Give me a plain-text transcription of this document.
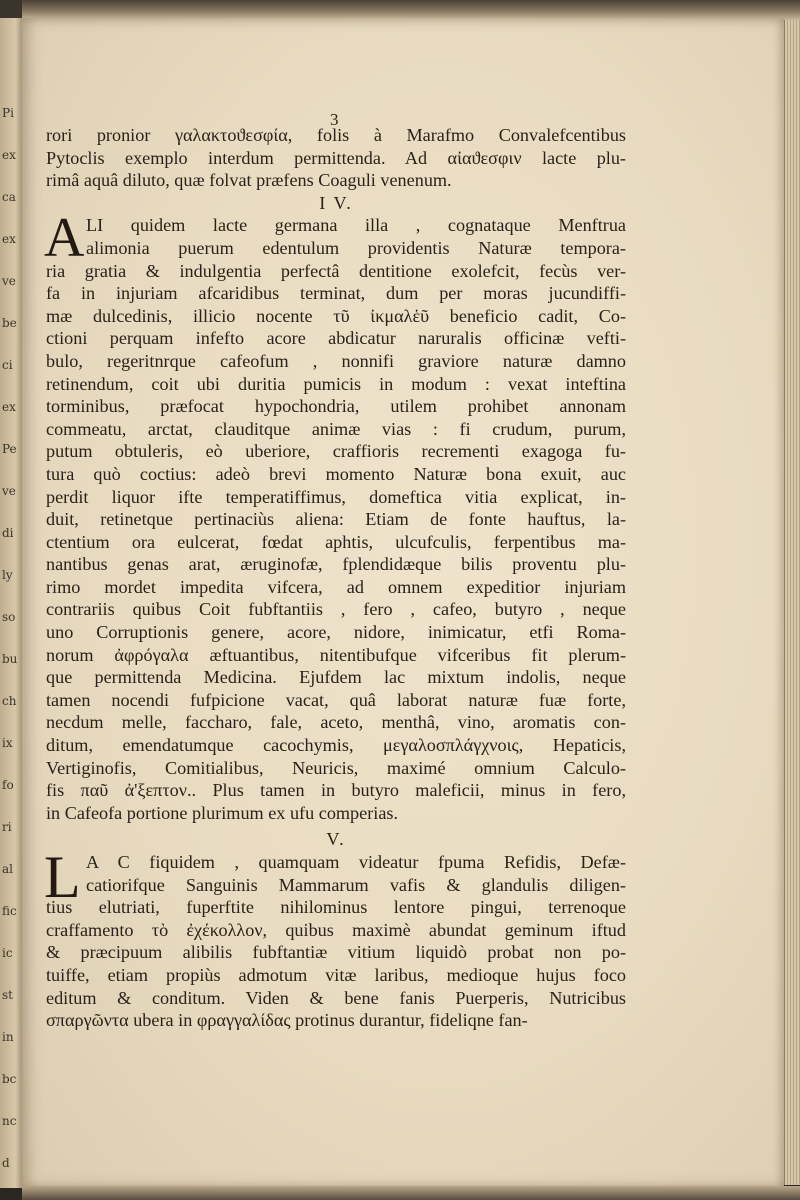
Pi
ex
ca
ex
ve
be
ci
ex
Pe
ve
di
ly
so
bu
ch
ix
fo
ri
al
fic
ic
st
in
bc
nc
d
3
rori pronior γαλακτοϑεσφία, folis à Marafmo Convalefcentibus
Pytoclis exemplo interdum permittenda. Ad αἰαϑεσφιν lacte plu-
rimâ aquâ diluto, quæ folvat præfens Coaguli venenum.
I V.
A LI quidem lacte germana illa , cognataque Menftrua
alimonia puerum edentulum providentis Naturæ tempora-
ria gratia & indulgentia perfectâ dentitione exolefcit, fecùs ver-
fa in injuriam afcaridibus terminat, dum per moras jucundiffi-
mæ dulcedinis, illicio nocente τῦ ἰκμαλἑῦ beneficio cadit, Co-
ctioni perquam infefto acore abdicatur naruralis officinæ vefti-
bulo, regeritnrque cafeofum , nonnifi graviore naturæ damno
retinendum, coit ubi duritia pumicis in modum : vexat inteftina
torminibus, præfocat hypochondria, utilem prohibet annonam
commeatu, arctat, clauditque animæ vias : fi crudum, purum,
putum obtuleris, eò uberiore, craffioris recrementi exagoga fu-
tura quò coctius: adeò brevi momento Naturæ bona exuit, auc
perdit liquor ifte temperatiffimus, domeftica vitia explicat, in-
duit, retinetque pertinaciùs aliena: Etiam de fonte hauftus, la-
ctentium ora eulcerat, fœdat aphtis, ulcufculis, ferpentibus ma-
nantibus genas arat, æruginofæ, fplendidæque bilis proventu plu-
rimo mordet impedita vifcera, ad omnem expeditior injuriam
contrariis quibus Coit fubftantiis , fero , cafeo, butyro , neque
uno Corruptionis genere, acore, nidore, inimicatur, etfi Roma-
norum ἀφρόγαλα æftuantibus, nitentibufque vifceribus fit plerum-
que permittenda Medicina. Ejufdem lac mixtum indolis, neque
tamen nocendi fufpicione vacat, quâ laborat naturæ fuæ forte,
necdum melle, faccharo, fale, aceto, menthâ, vino, aromatis con-
ditum, emendatumque cacochymis, μεγαλοσπλάγχνοις, Hepaticis,
Vertiginofis, Comitialibus, Neuricis, maximé omnium Calculo-
fis παῦ ἀ'ξεπτον.. Plus tamen in butyro maleficii, minus in fero,
in Cafeofa portione plurimum ex ufu comperias.
V.
L A C fiquidem , quamquam videatur fpuma Refidis, Defæ-
catiorifque Sanguinis Mammarum vafis & glandulis diligen-
tius elutriati, fuperftite nihilominus lentore pingui, terrenoque
craffamento τὸ ἐχέκολλον, quibus maximè abundat geminum iftud
& præcipuum alibilis fubftantiæ vitium liquidò probat non po-
tuiffe, etiam propiùs admotum vitæ laribus, medioque hujus foco
editum & conditum. Viden & bene fanis Puerperis, Nutricibus
σπαργῶντα ubera in φραγγαλίδας protinus durantur, fideliqne fan-
